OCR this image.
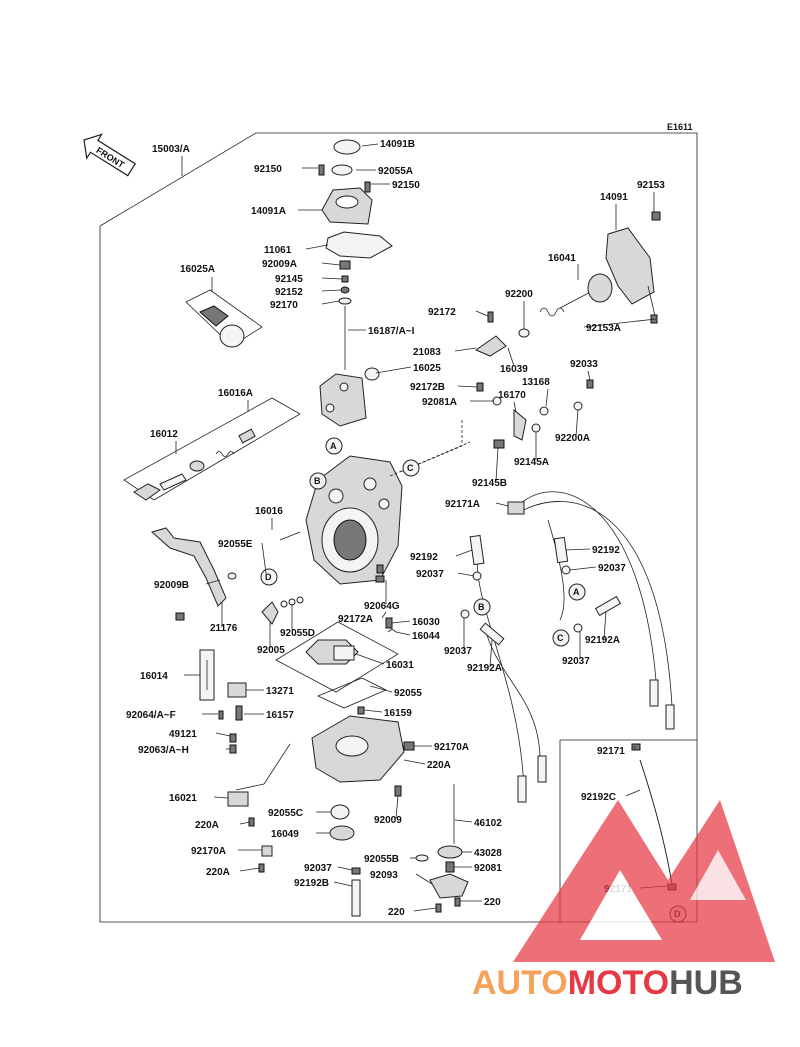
E1611
FRONT
A
B
C
A
B
C
D
15003/A	14091B
92150	92055A
92150
14091A
11061
92009A
92145
92152
92170
16187/A~I
16025A
16025
92172
92200
16041
14091
92153
92153A
21083
16039	92033
13168
92172B
16170
92081A
92200A
92145A
16016A
16012
92145B
92171A
16016
92055E
92192
92192
92037
92037
92009B
21176
92064G
92172A	16030
16044
92055D
92005
92192A
92037
92192A
92037
16031
16014
13271	92055
92064/A~F	16157	16159
49121
92063/A~H	92170A
220A
92171
16021
92055C
92009	46102
92192C
220A
16049
92170A	43028
92055B
92081
220A	92037
92093
92192B
220
220
AUTOMOTOHUB
